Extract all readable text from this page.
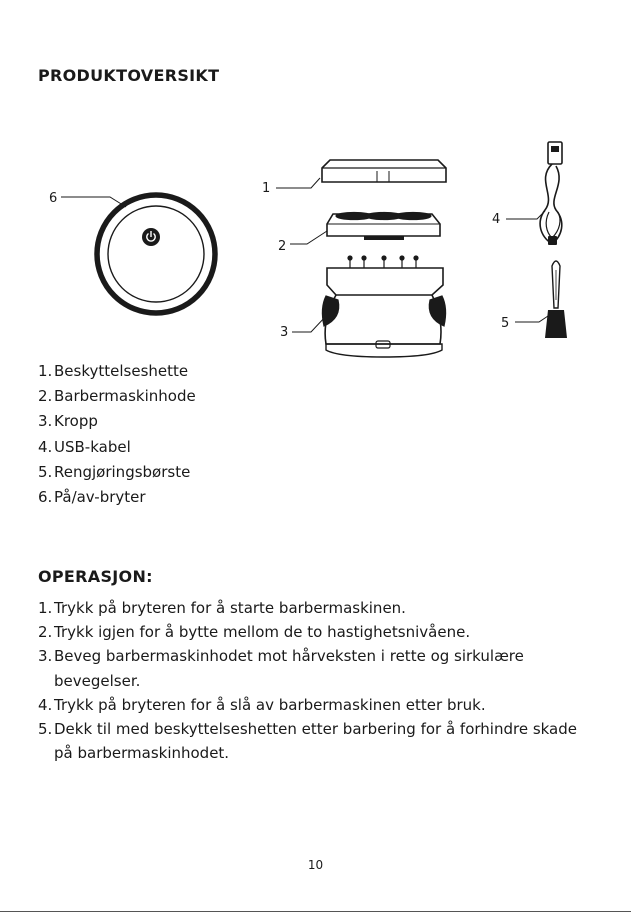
PRODUKTOVERSIKT
6
1
2
3
4
5
1. Beskyttelseshette
2. Barbermaskinhode
3. Kropp
4. USB-kabel
5. Rengjøringsbørste
6. På/av-bryter
OPERASJON:
1. Trykk på bryteren for å starte barbermaskinen.
2. Trykk igjen for å bytte mellom de to hastighetsnivåene.
3. Beveg barbermaskinhodet mot hårveksten i rette og sirkulære bevegelser.
4. Trykk på bryteren for å slå av barbermaskinen etter bruk.
5. Dekk til med beskyttelseshetten etter barbering for å forhindre skade på barbermaskinhodet.
10
